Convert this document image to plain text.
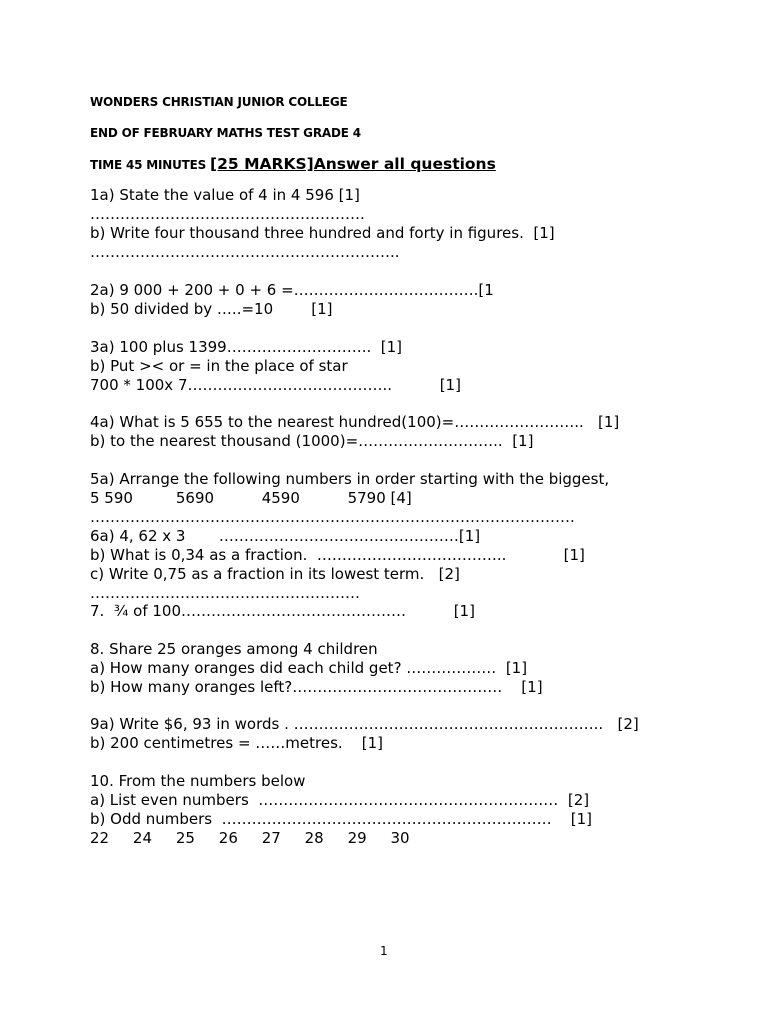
WONDERS CHRISTIAN JUNIOR COLLEGE
END OF FEBRUARY MATHS TEST GRADE 4
TIME 45 MINUTES [25 MARKS]Answer all questions
1a) State the value of 4 in 4 596 [1]
……………………………………………….
b) Write four thousand three hundred and forty in figures.  [1]
……………………………………………………..
2a) 9 000 + 200 + 0 + 6 =……………………………….[1
b) 50 divided by …..=10        [1]
3a) 100 plus 1399………………………..  [1]
b) Put >< or = in the place of star
700 * 100x 7…………………………………..          [1]
4a) What is 5 655 to the nearest hundred(100)=……………………..   [1]
b) to the nearest thousand (1000)=………………………..  [1]
5a) Arrange the following numbers in order starting with the biggest,
5 590         5690          4590          5790 [4]
…………………………………………………………………………………….
6a) 4, 62 x 3       …………………………………………[1]
b) What is 0,34 as a fraction.  ………………………………..            [1]
c) Write 0,75 as a fraction in its lowest term.   [2]
………………………………………………
7.  ¾ of 100………………………………………          [1]
8. Share 25 oranges among 4 children
a) How many oranges did each child get? ………………  [1]
b) How many oranges left?……………………………………    [1]
9a) Write $6, 93 in words . ……………………………………………………..   [2]
b) 200 centimetres = ……metres.    [1]
10. From the numbers below
a) List even numbers  ……………………………………………………  [2]
b) Odd numbers  …………………………………………………………    [1]
22     24     25     26     27     28     29     30
1
